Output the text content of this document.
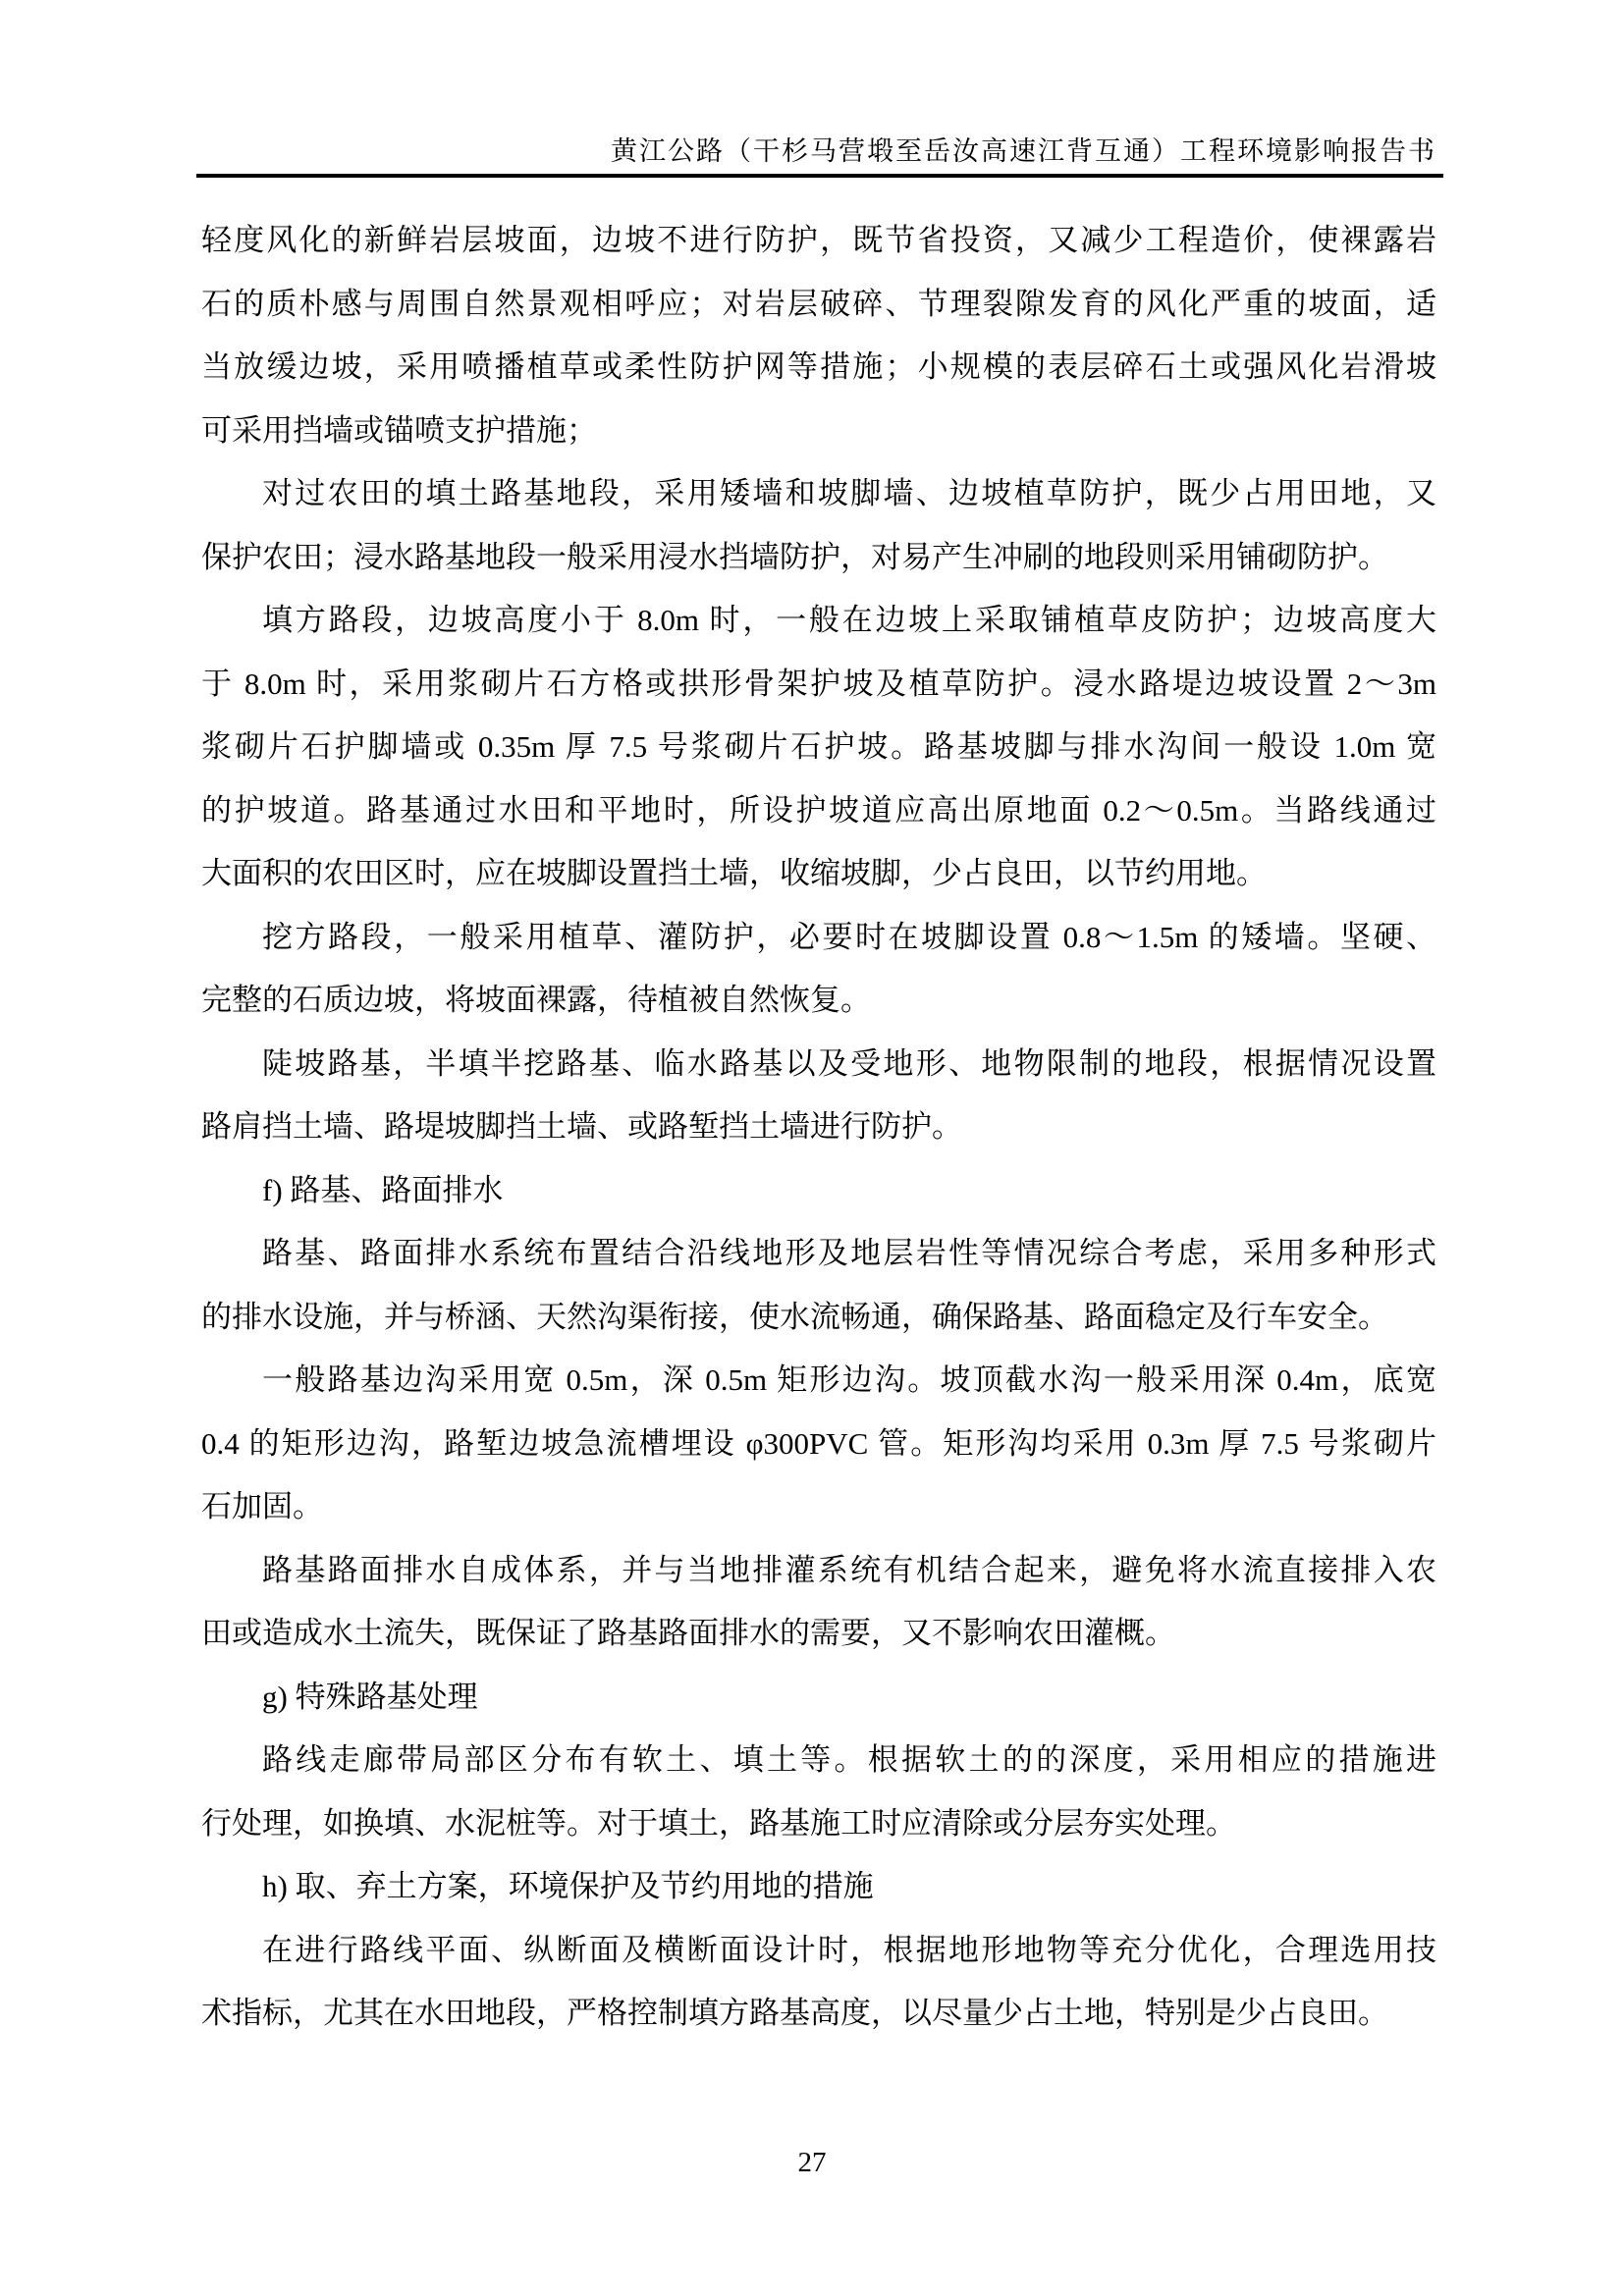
黄江公路（干杉马营塅至岳汝高速江背互通）工程环境影响报告书
轻度风化的新鲜岩层坡面，边坡不进行防护，既节省投资，又减少工程造价，使裸露岩
石的质朴感与周围自然景观相呼应；对岩层破碎、节理裂隙发育的风化严重的坡面，适
当放缓边坡，采用喷播植草或柔性防护网等措施；小规模的表层碎石土或强风化岩滑坡
可采用挡墙或锚喷支护措施；
对过农田的填土路基地段，采用矮墙和坡脚墙、边坡植草防护，既少占用田地，又
保护农田；浸水路基地段一般采用浸水挡墙防护，对易产生冲刷的地段则采用铺砌防护。
填方路段，边坡高度小于 8.0m 时，一般在边坡上采取铺植草皮防护；边坡高度大
于 8.0m 时，采用浆砌片石方格或拱形骨架护坡及植草防护。浸水路堤边坡设置 2～3m
浆砌片石护脚墙或 0.35m 厚 7.5 号浆砌片石护坡。路基坡脚与排水沟间一般设 1.0m 宽
的护坡道。路基通过水田和平地时，所设护坡道应高出原地面 0.2～0.5m。当路线通过
大面积的农田区时，应在坡脚设置挡土墙，收缩坡脚，少占良田，以节约用地。
挖方路段，一般采用植草、灌防护，必要时在坡脚设置 0.8～1.5m 的矮墙。坚硬、
完整的石质边坡，将坡面裸露，待植被自然恢复。
陡坡路基，半填半挖路基、临水路基以及受地形、地物限制的地段，根据情况设置
路肩挡土墙、路堤坡脚挡土墙、或路堑挡土墙进行防护。
f) 路基、路面排水
路基、路面排水系统布置结合沿线地形及地层岩性等情况综合考虑，采用多种形式
的排水设施，并与桥涵、天然沟渠衔接，使水流畅通，确保路基、路面稳定及行车安全。
一般路基边沟采用宽 0.5m，深 0.5m 矩形边沟。坡顶截水沟一般采用深 0.4m，底宽
0.4 的矩形边沟，路堑边坡急流槽埋设 φ300PVC 管。矩形沟均采用 0.3m 厚 7.5 号浆砌片
石加固。
路基路面排水自成体系，并与当地排灌系统有机结合起来，避免将水流直接排入农
田或造成水土流失，既保证了路基路面排水的需要，又不影响农田灌概。
g) 特殊路基处理
路线走廊带局部区分布有软土、填土等。根据软土的的深度，采用相应的措施进
行处理，如换填、水泥桩等。对于填土，路基施工时应清除或分层夯实处理。
h) 取、弃土方案，环境保护及节约用地的措施
在进行路线平面、纵断面及横断面设计时，根据地形地物等充分优化，合理选用技
术指标，尤其在水田地段，严格控制填方路基高度，以尽量少占土地，特别是少占良田。
27
